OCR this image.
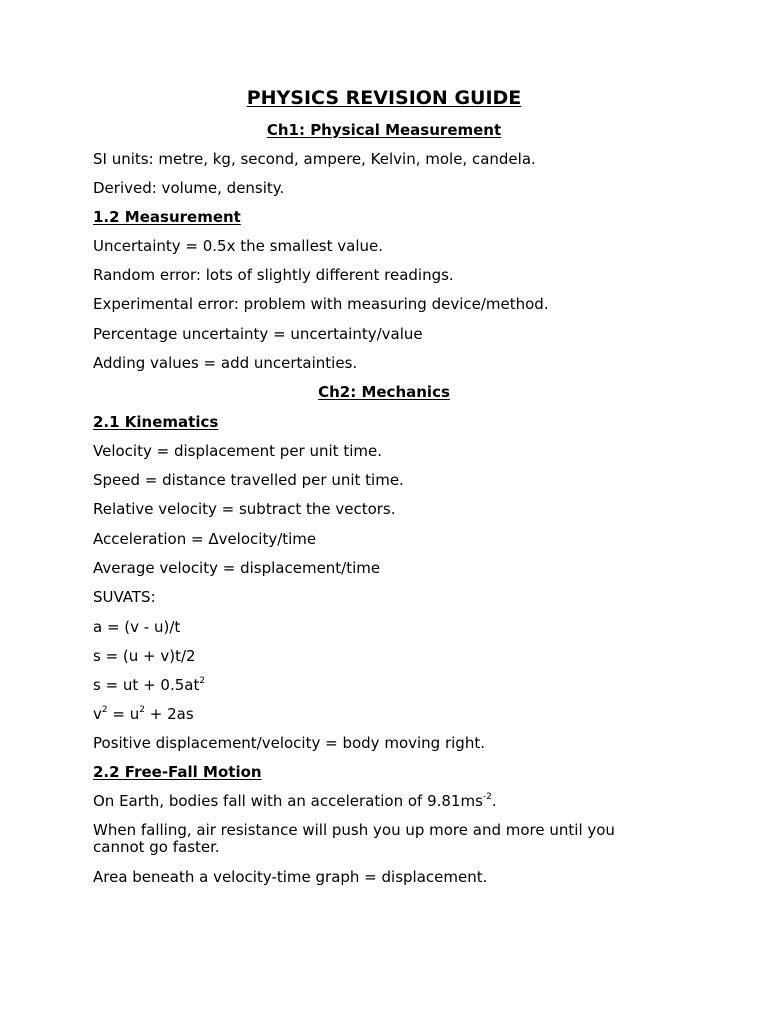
PHYSICS REVISION GUIDE
Ch1: Physical Measurement

SI units: metre, kg, second, ampere, Kelvin, mole, candela.

Derived: volume, density.

1.2 Measurement

Uncertainty = 0.5x the smallest value.

Random error: lots of slightly different readings.

Experimental error: problem with measuring device/method.

Percentage uncertainty = uncertainty/value

Adding values = add uncertainties.

Ch2: Mechanics
2.1 Kinematics

Velocity = displacement per unit time.

Speed = distance travelled per unit time.

Relative velocity = subtract the vectors.

Acceleration = Δvelocity/time

Average velocity = displacement/time

SUVATS:

a = (v - u)/t

s = (u + v)t/2

s = ut + $0.5at^2$

$v^2 = u^2 + 2as$

Positive displacement/velocity = body moving right.

2.2 Free-Fall Motion

On Earth, bodies fall with an acceleration of $9.81ms^{-2}$.

When falling, air resistance will push you up more and more until you cannot go faster.

Area beneath a velocity-time graph = displacement.
